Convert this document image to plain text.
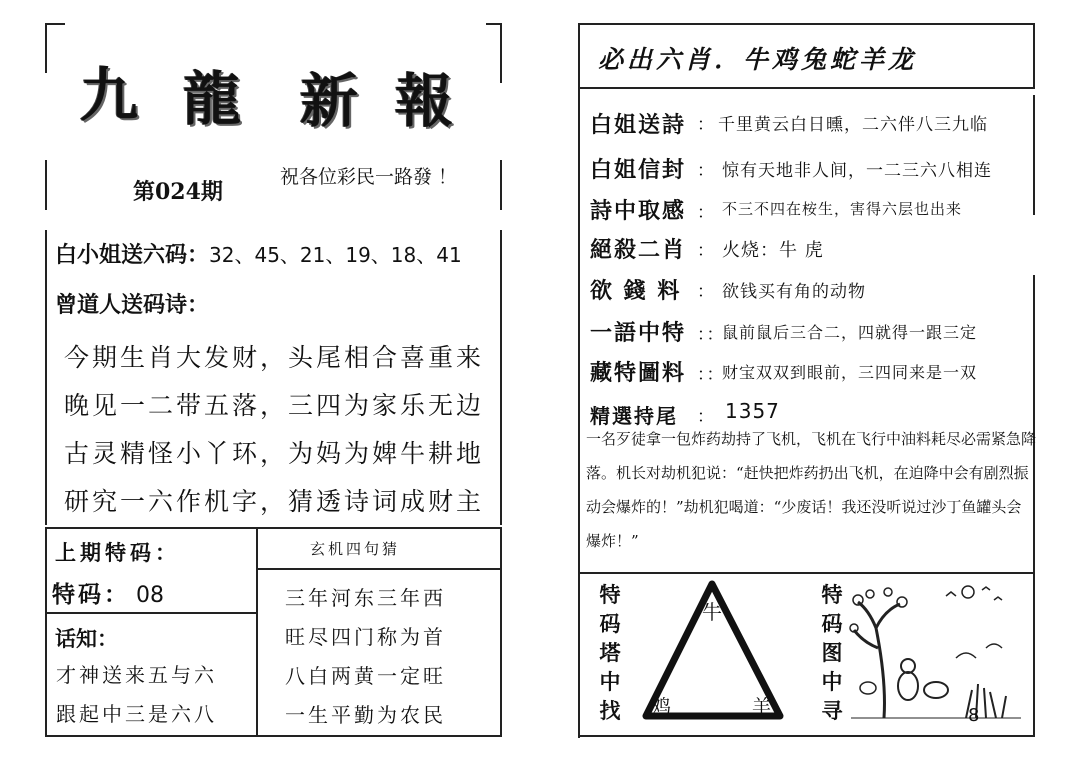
九 龍 新 報
第024期
祝各位彩民一路發 ！
白小姐送六码：32、45、21、19、18、41
曾道人送码诗：
今期生肖大发财，头尾相合喜重来
晚见一二带五落，三四为家乐无边
古灵精怪小丫环，为妈为婢牛耕地
研究一六作机字，猜透诗词成财主
上期特码：
特码： 08
话知：
才神送来五与六
跟起中三是六八
玄机四句猜
三年河东三年西
旺尽四门称为首
八白两黄一定旺
一生平勤为农民
必出六肖．牛鸡兔蛇羊龙
白姐送詩 ： 千里黄云白日曛，二六伴八三九临
白姐信封 ： 惊有天地非人间，一二三六八相连
詩中取感 ： 不三不四在桉生，害得六层也出来
絕殺二肖 ： 火烧：牛 虎
欲 錢 料 ： 欲钱买有角的动物
一語中特 ：：
鼠前鼠后三合二，四就得一跟三定
藏特圖料 ：：
财宝双双到眼前，三四同来是一双
精選持尾 ： 1357

一名歹徒拿一包炸药劫持了飞机，飞机在飞行中油料耗尽必需紧急降落。机长对劫机犯说：“赶快把炸药扔出飞机，在迫降中会有剧烈振动会爆炸的！”劫机犯喝道：“少废话！我还没听说过沙丁鱼罐头会爆炸！”

特
码
塔
中
找
牛
鸡	羊
特
码
图
中
寻	8
